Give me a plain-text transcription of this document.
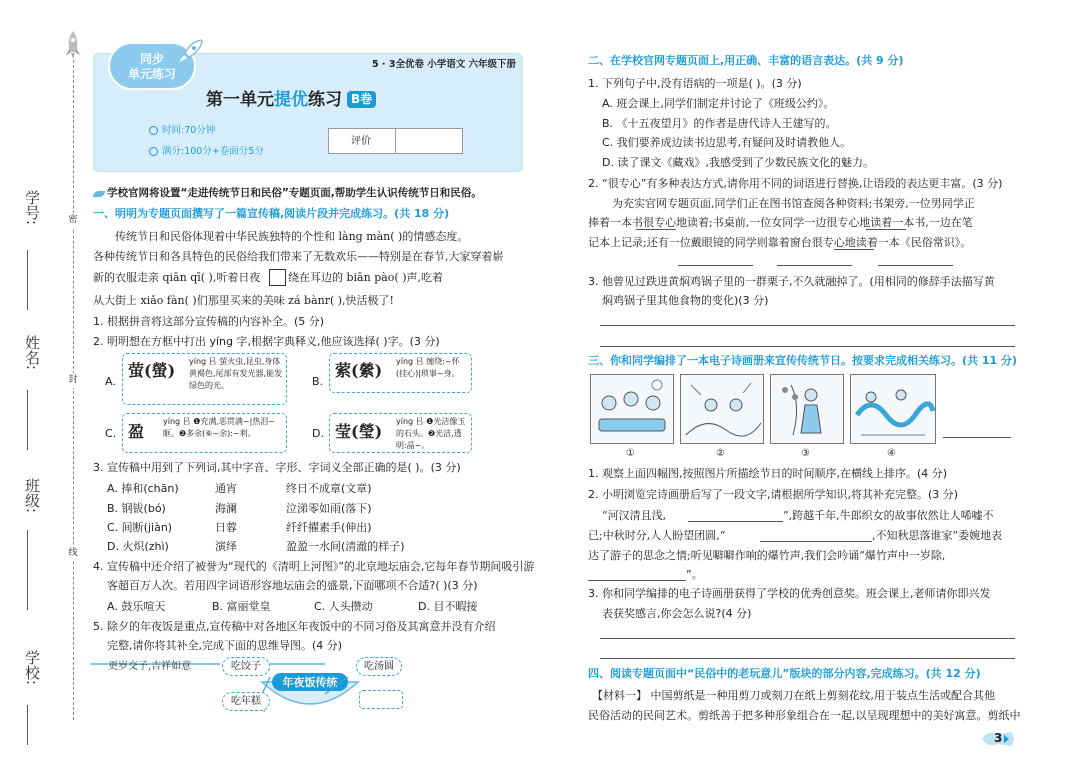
学号:
姓名:
班级:
学校:
密
封
线
同步
单元练习
5 · 3全优卷 小学语文 六年级下册
第一单元提优练习 B卷
时间:70分钟
满分:100分+卷面分5分
评价
学校官网将设置“走进传统节日和民俗”专题页面,帮助学生认识传统节日和民俗。
一、明明为专题页面撰写了一篇宣传稿,阅读片段并完成练习。(共 18 分)
传统节日和民俗体现着中华民族独特的个性和 làng màn( )的情感态度。
各种传统节日和各具特色的民俗给我们带来了无数欢乐——特别是在春节,大家穿着崭
新的衣服走亲 qiān qī( ),听着日夜	绕在耳边的 biān pào( )声,吃着
从大街上 xiǎo fàn( )们那里买来的美味 zá bànr( ),快活极了!
1. 根据拼音将这部分宣传稿的内容补全。(5 分)
2. 明明想在方框中打出 yíng 字,根据字典释义,他应该选择( )字。(3 分)
A.
萤(螢) yíng 㠯 萤火虫,昆虫,身体黄褐色,尾部有发光器,能发绿色的光。	B.
萦(縈) yíng 㠯 缠绕:~怀(挂心)|琐事~身。
C. 盈
yíng 㠯 ❶充满,恶贯满~|热泪~眶。❷多余(⑥~余):~利。	D. 莹(瑩)
yíng 㠯 ❶光洁像玉的石头。❷光洁,透明:晶~。
3. 宣传稿中用到了下列词,其中字音、字形、字词义全部正确的是( )。(3 分)
A. 捧和(chān)	通宵	终日不成章(文章)
B. 钢钹(bó)	海澜	泣涕零如雨(落下)
C. 间断(jiàn)	日蓉	纤纤擢素手(伸出)
D. 火炽(zhì)	演绎	盈盈一水间(清澈的样子)
4. 宣传稿中还介绍了被誉为“现代的《清明上河图》”的北京地坛庙会,它每年春节期间吸引游
客超百万人次。若用四字词语形容地坛庙会的盛景,下面哪项不合适?( )(3 分)
A. 鼓乐喧天	B. 富丽堂皇	C. 人头攒动	D. 目不暇接
5. 除夕的年夜饭是重点,宣传稿中对各地区年夜饭中的不同习俗及其寓意并没有介绍
完整,请你将其补全,完成下面的思维导图。(4 分)
年夜饭传统
更岁交子,吉祥如意	吃饺子	吃汤圆
吃年糕
二、在学校官网专题页面上,用正确、丰富的语言表达。(共 9 分)
1. 下列句子中,没有语病的一项是( )。(3 分)
A. 班会课上,同学们制定并讨论了《班级公约》。
B. 《十五夜望月》的作者是唐代诗人王建写的。
C. 我们要养成边读书边思考,有疑问及时请教他人。
D. 读了课文《藏戏》,我感受到了少数民族文化的魅力。
2. “很专心”有多种表达方式,请你用不同的词语进行替换,让语段的表达更丰富。(3 分)
为充实官网专题页面,同学们正在图书馆查阅各种资料;书架旁,一位男同学正
捧着一本书很专心地读着;书桌前,一位女同学一边很专心地读着一本书,一边在笔
记本上记录;还有一位戴眼镜的同学则靠着窗台很专心地读着一本《民俗常识》。
3. 他曾见过跌进黄焖鸡锅子里的一群栗子,不久就融掉了。(用相同的修辞手法描写黄
焖鸡锅子里其他食物的变化)(3 分)
三、你和同学编排了一本电子诗画册来宣传传统节日。按要求完成相关练习。(共 11 分)
①	②	③	④
1. 观察上面四幅图,按照图片所描绘节日的时间顺序,在横线上排序。(4 分)
2. 小明浏览完诗画册后写了一段文字,请根据所学知识,将其补充完整。(3 分)
“河汉清且浅,	”,跨越千年,牛郎织女的故事依然让人唏嘘不
已;中秋时分,人人盼望团圆,“	,不知秋思落谁家”委婉地表
达了游子的思念之情;听见噼噼作响的爆竹声,我们会吟诵“爆竹声中一岁除,
”。
3. 你和同学编排的电子诗画册获得了学校的优秀创意奖。班会课上,老师请你即兴发
表获奖感言,你会怎么说?(4 分)
四、阅读专题页面中“民俗中的老玩意儿”版块的部分内容,完成练习。(共 12 分)
【材料一】 中国剪纸是一种用剪刀或刻刀在纸上剪刻花纹,用于装点生活或配合其他
民俗活动的民间艺术。剪纸善于把多种形象组合在一起,以呈现理想中的美好寓意。剪纸中
3
